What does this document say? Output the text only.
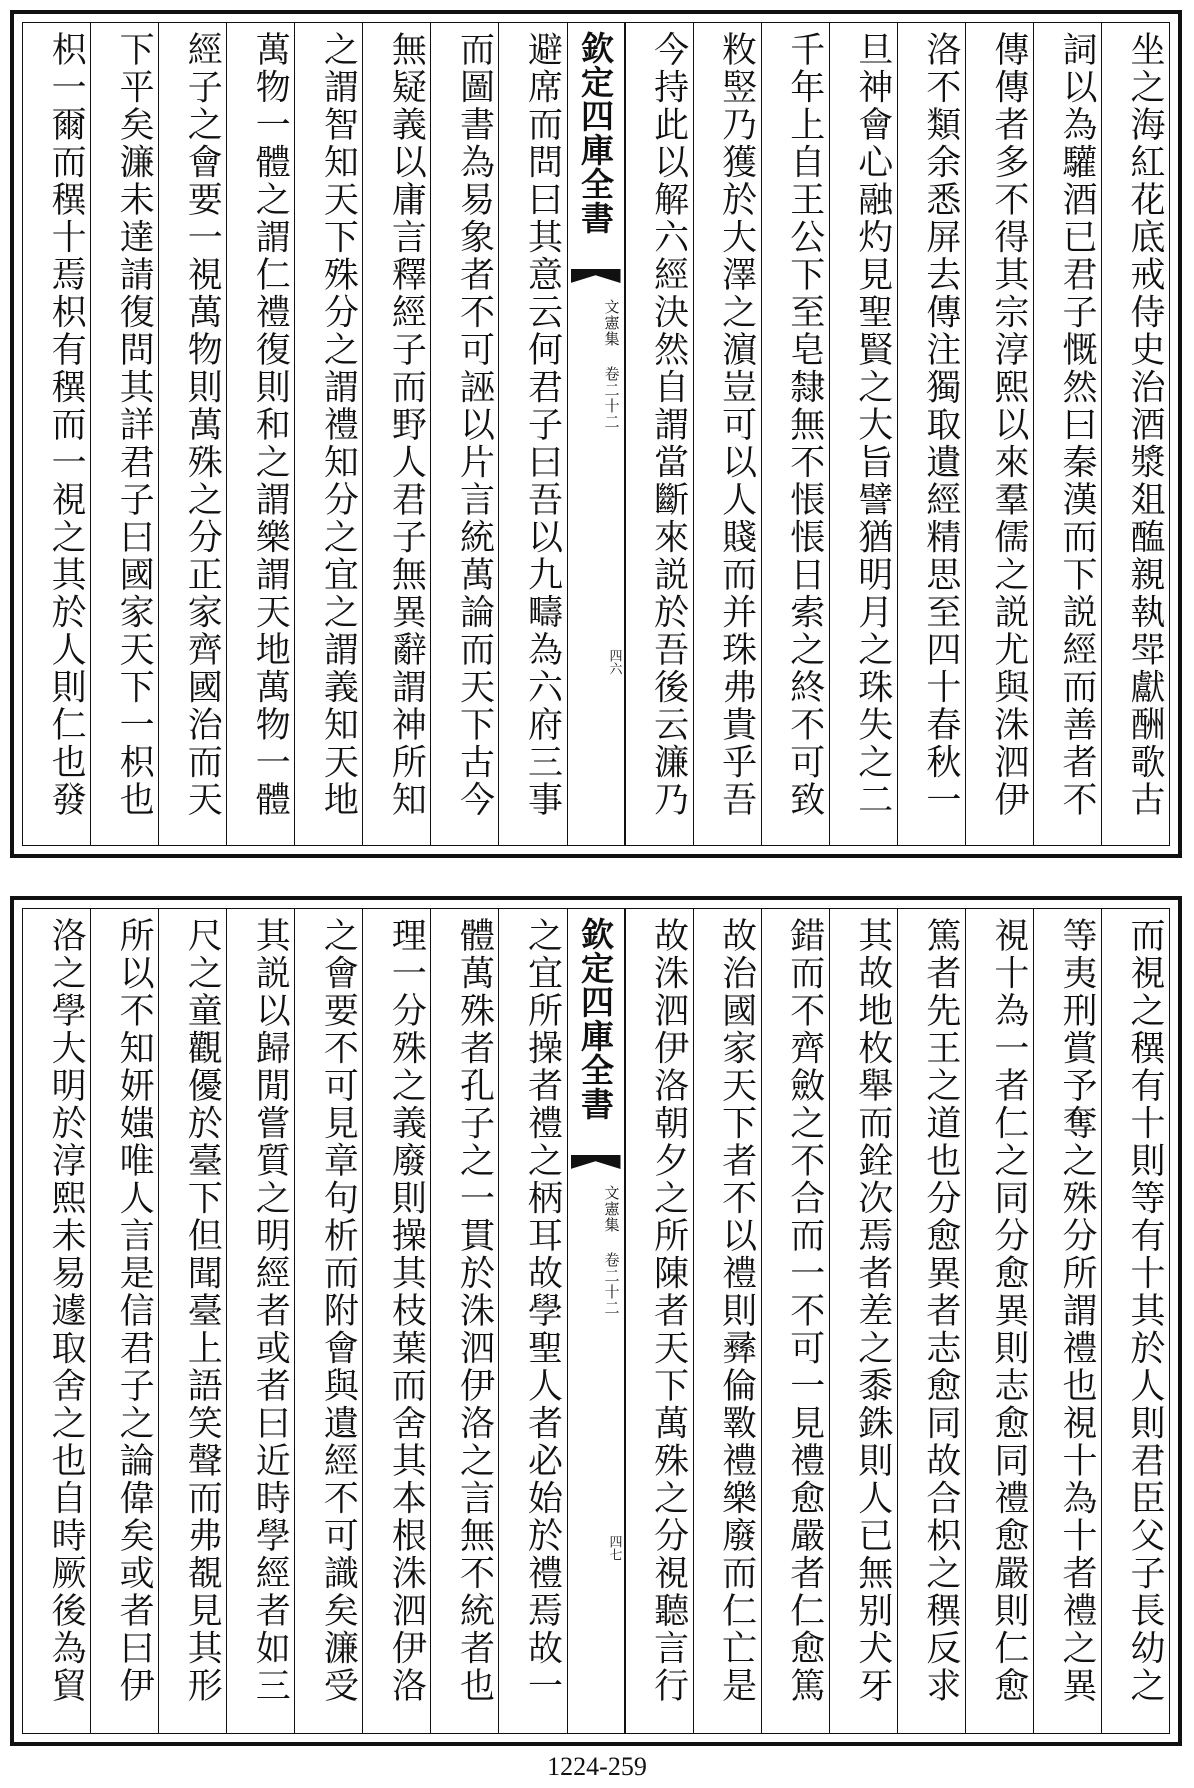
坐之海紅花底戒侍史治酒漿爼醢親執斝獻酬歌古
詞以為驩酒已君子慨然曰秦漢而下説經而善者不
傳傳者多不得其宗淳熙以來羣儒之説尤與洙泗伊
洛不類余悉屏去傳注獨取遺經精思至四十春秋一
旦神會心融灼見聖賢之大旨譬猶明月之珠失之二
千年上自王公下至皂隸無不悵悵日索之終不可致
敉竪乃獲於大澤之濵豈可以人賤而并珠弗貴乎吾
今持此以解六經決然自謂當斷來説於吾後云濂乃
欽定四庫全書
文憲集 卷二十二
四六
避席而問曰其意云何君子曰吾以九疇為六府三事
而圖書為易象者不可誣以片言統萬論而天下古今
無疑義以庸言釋經子而野人君子無異辭謂神所知
之謂智知天下殊分之謂禮知分之宜之謂義知天地
萬物一體之謂仁禮復則和之謂樂謂天地萬物一體
經子之會要一視萬物則萬殊之分正家齊國治而天
下平矣濂未達請復問其詳君子曰國家天下一枳也
枳一爾而穓十焉枳有穓而一視之其於人則仁也發
而視之穓有十則等有十其於人則君臣父子長幼之
等夷刑賞予奪之殊分所謂禮也視十為十者禮之異
視十為一者仁之同分愈異則志愈同禮愈嚴則仁愈
篤者先王之道也分愈異者志愈同故合枳之穓反求
其故地枚舉而銓次焉者差之黍銖則人已無别犬牙
錯而不齊斂之不合而一不可一見禮愈嚴者仁愈篤
故治國家天下者不以禮則彞倫斁禮樂廢而仁亡是
故洙泗伊洛朝夕之所陳者天下萬殊之分視聽言行
欽定四庫全書
文憲集 卷二十二
四七
之宜所操者禮之柄耳故學聖人者必始於禮焉故一
體萬殊者孔子之一貫於洙泗伊洛之言無不統者也
理一分殊之義廢則操其枝葉而舍其本根洙泗伊洛
之會要不可見章句析而附會與遺經不可識矣濂受
其説以歸閒嘗質之明經者或者曰近時學經者如三
尺之童觀優於臺下但聞臺上語笑聲而弗覩見其形
所以不知妍媸唯人言是信君子之論偉矣或者曰伊
洛之學大明於淳熙未易遽取舍之也自時厥後為貿
1224-259
